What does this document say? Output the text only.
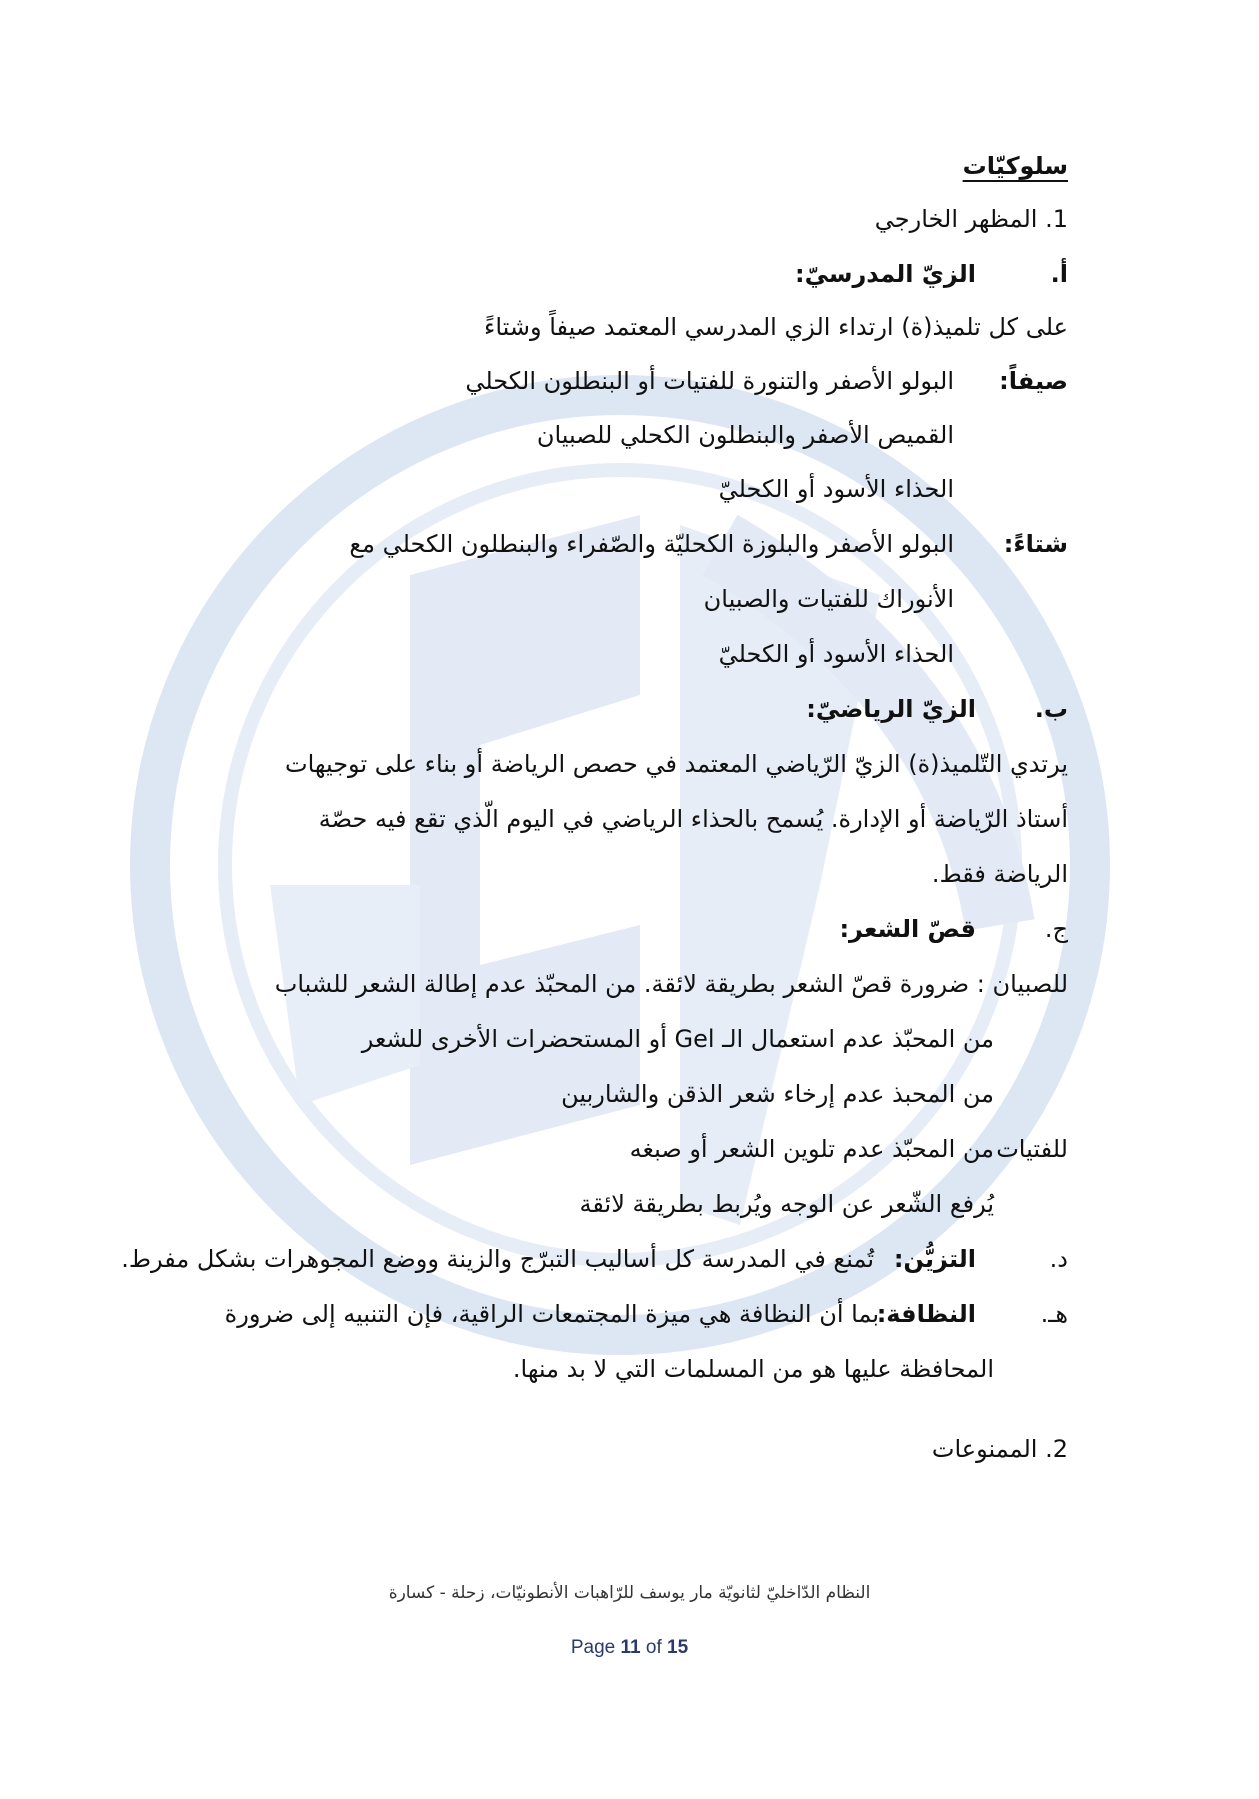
سلوكيّات
1. المظهر الخارجي
أ.
الزيّ المدرسيّ:
على كل تلميذ(ة) ارتداء الزي المدرسي المعتمد صيفاً وشتاءً
صيفاً:
البولو الأصفر والتنورة للفتيات أو البنطلون الكحلي
القميص الأصفر والبنطلون الكحلي للصبيان
الحذاء الأسود أو الكحليّ
شتاءً:
البولو الأصفر والبلوزة الكحليّة والصّفراء والبنطلون الكحلي مع
الأنوراك للفتيات والصبيان
الحذاء الأسود أو الكحليّ
ب.
الزيّ الرياضيّ:
يرتدي التّلميذ(ة) الزيّ الرّياضي المعتمد في حصص الرياضة أو بناء على توجيهات
أستاذ الرّياضة أو الإدارة. يُسمح بالحذاء الرياضي في اليوم الّذي تقع فيه حصّة
الرياضة فقط.
ج.
قصّ الشعر:
للصبيان : ضرورة قصّ الشعر بطريقة لائقة. من المحبّذ عدم إطالة الشعر للشباب
من المحبّذ عدم استعمال الـ Gel أو المستحضرات الأخرى للشعر
من المحبذ عدم إرخاء شعر الذقن والشاربين
للفتيات
من المحبّذ عدم تلوين الشعر أو صبغه
يُرفع الشّعر عن الوجه ويُربط بطريقة لائقة
د.
التزيُّن:
تُمنع في المدرسة كل أساليب التبرّج والزينة ووضع المجوهرات بشكل مفرط.
هـ.
النظافة:
بما أن النظافة هي ميزة المجتمعات الراقية، فإن التنبيه إلى ضرورة
المحافظة عليها هو من المسلمات التي لا بد منها.
2. الممنوعات
النظام الدّاخليّ لثانويّة مار يوسف للرّاهبات الأنطونيّات، زحلة - كسارة
Page 11 of 15
